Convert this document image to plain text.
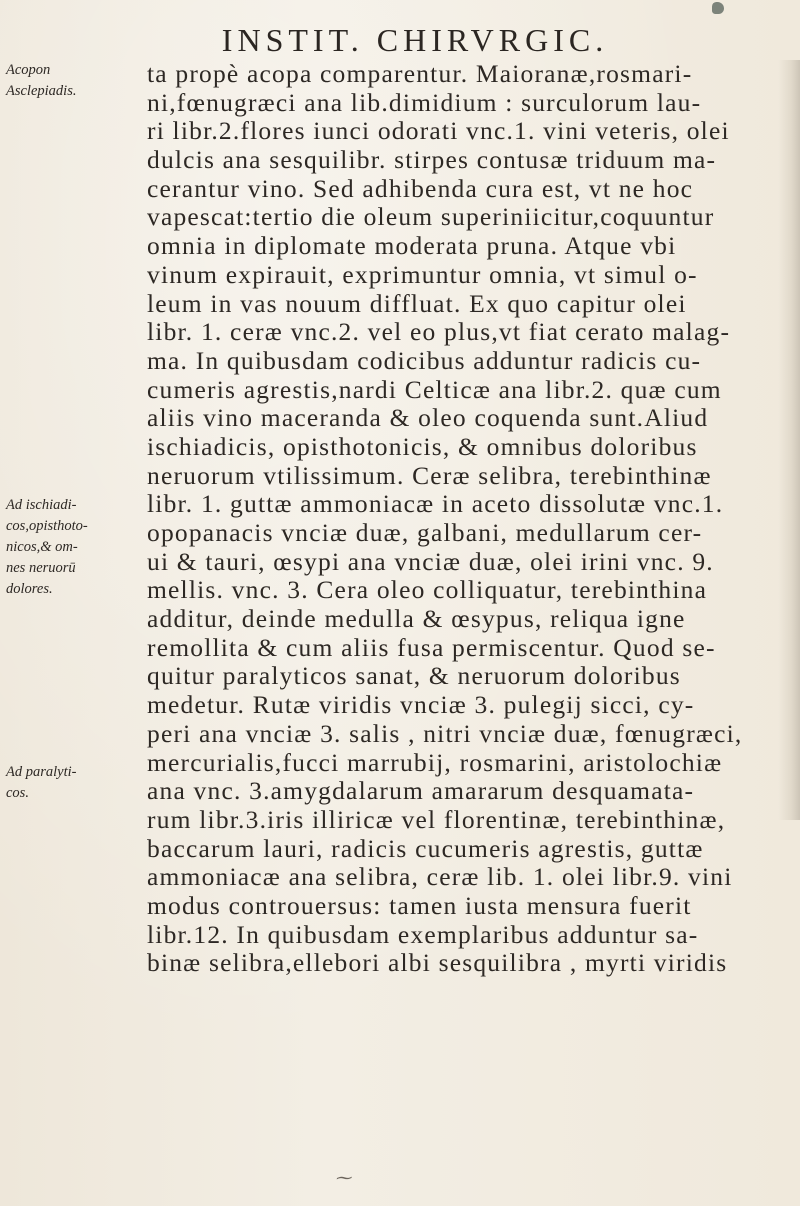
INSTIT. CHIRVRGIC.
Acopon
Asclepiadis.
Ad ischiadi-
cos,opisthoto-
nicos,& om-
nes neruorū
dolores.
Ad paralyti-
cos.
ta propè acopa comparentur. Maioranæ,rosmari-
ni,fœnugræci ana lib.dimidium : surculorum lau-
ri libr.2.flores iunci odorati vnc.1. vini veteris, olei
dulcis ana sesquilibr. stirpes contusæ triduum ma-
cerantur vino. Sed adhibenda cura est, vt ne hoc
vapescat:tertio die oleum superiniicitur,coquuntur
omnia in diplomate moderata pruna. Atque vbi
vinum expirauit, exprimuntur omnia, vt simul o-
leum in vas nouum diffluat. Ex quo capitur olei
libr. 1. ceræ vnc.2. vel eo plus,vt fiat cerato malag-
ma. In quibusdam codicibus adduntur radicis cu-
cumeris agrestis,nardi Celticæ ana libr.2. quæ cum
aliis vino maceranda & oleo coquenda sunt.Aliud
ischiadicis, opisthotonicis, & omnibus doloribus
neruorum vtilissimum. Ceræ selibra, terebinthinæ
libr. 1. guttæ ammoniacæ in aceto dissolutæ vnc.1.
opopanacis vnciæ duæ, galbani, medullarum cer-
ui & tauri, œsypi ana vnciæ duæ, olei irini vnc. 9.
mellis. vnc. 3. Cera oleo colliquatur, terebinthina
additur, deinde medulla & œsypus, reliqua igne
remollita & cum aliis fusa permiscentur. Quod se-
quitur paralyticos sanat, & neruorum doloribus
medetur. Rutæ viridis vnciæ 3. pulegij sicci, cy-
peri ana vnciæ 3. salis , nitri vnciæ duæ, fœnugræci,
mercurialis,fucci marrubij, rosmarini, aristolochiæ
ana vnc. 3.amygdalarum amararum desquamata-
rum libr.3.iris illiricæ vel florentinæ, terebinthinæ,
baccarum lauri, radicis cucumeris agrestis, guttæ
ammoniacæ ana selibra, ceræ lib. 1. olei libr.9. vini
modus controuersus: tamen iusta mensura fuerit
libr.12. In quibusdam exemplaribus adduntur sa-
binæ selibra,ellebori albi sesquilibra , myrti viridis
⁓
